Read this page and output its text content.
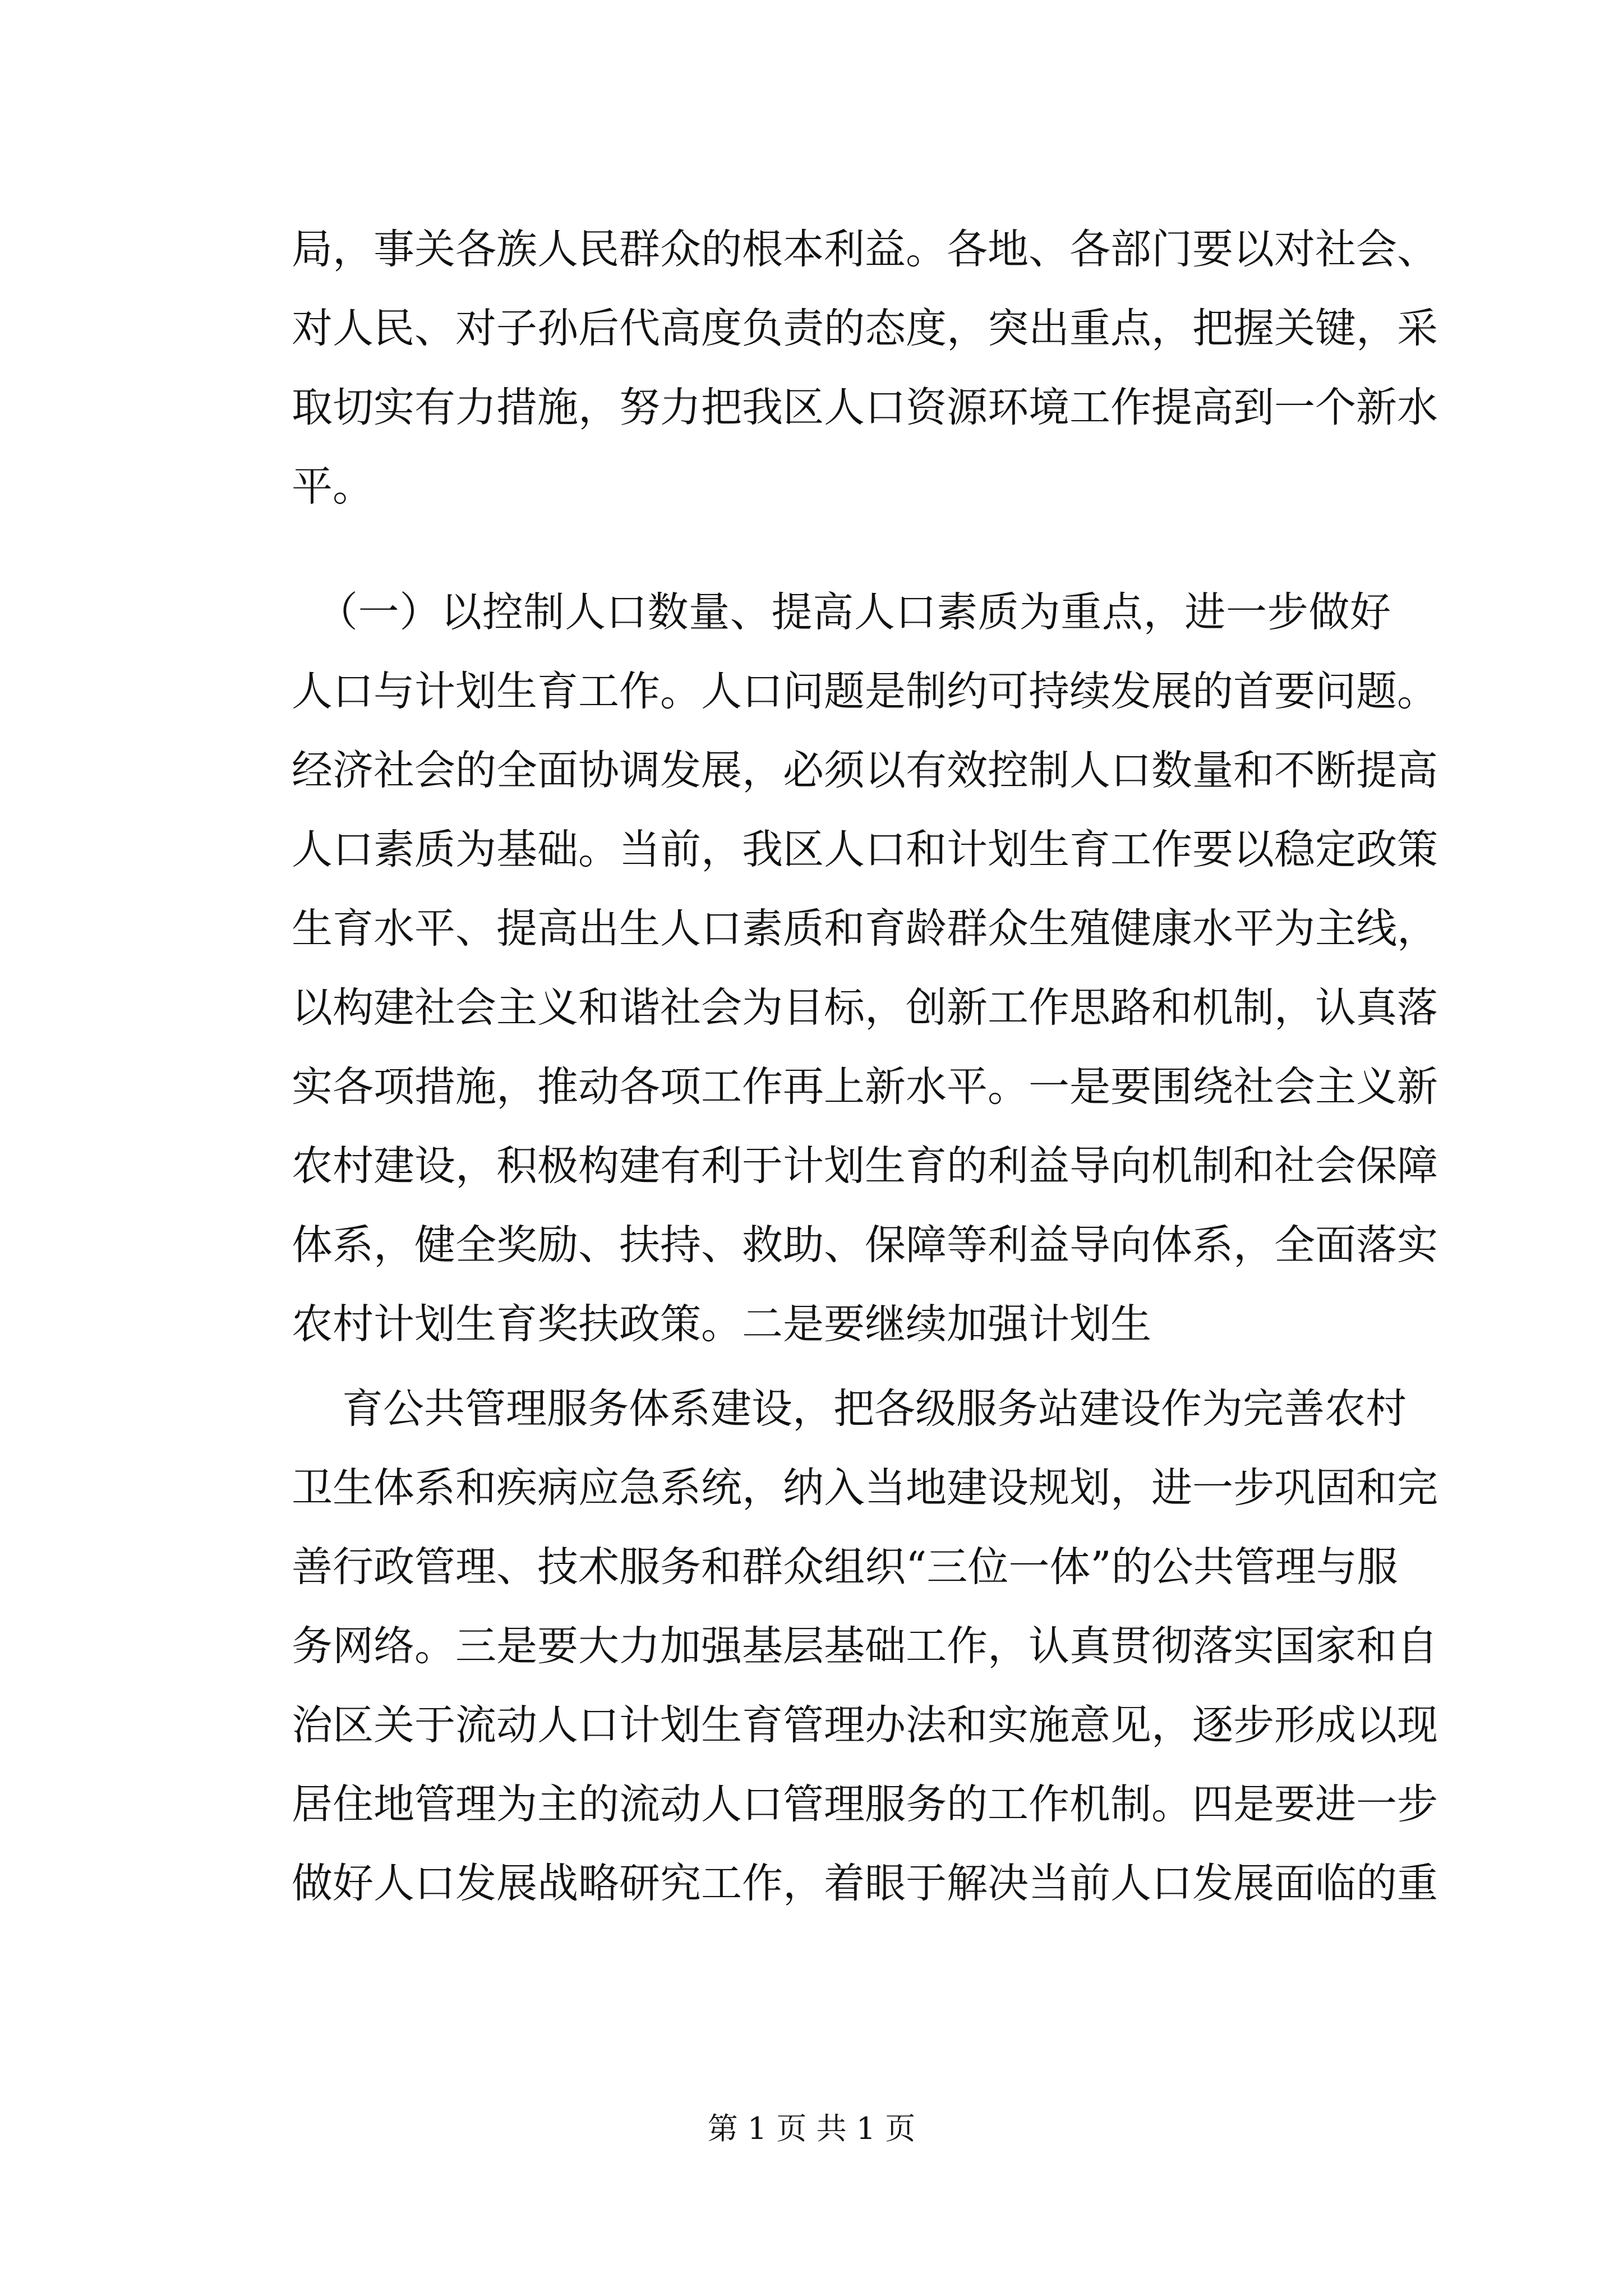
局，事关各族人民群众的根本利益。各地、各部门要以对社会、
对人民、对子孙后代高度负责的态度，突出重点，把握关键，采
取切实有力措施，努力把我区人口资源环境工作提高到一个新水
平。
（一）以控制人口数量、提高人口素质为重点，进一步做好
人口与计划生育工作。人口问题是制约可持续发展的首要问题。
经济社会的全面协调发展，必须以有效控制人口数量和不断提高
人口素质为基础。当前，我区人口和计划生育工作要以稳定政策
生育水平、提高出生人口素质和育龄群众生殖健康水平为主线，
以构建社会主义和谐社会为目标，创新工作思路和机制，认真落
实各项措施，推动各项工作再上新水平。一是要围绕社会主义新
农村建设，积极构建有利于计划生育的利益导向机制和社会保障
体系，健全奖励、扶持、救助、保障等利益导向体系，全面落实
农村计划生育奖扶政策。二是要继续加强计划生
育公共管理服务体系建设，把各级服务站建设作为完善农村
卫生体系和疾病应急系统，纳入当地建设规划，进一步巩固和完
善行政管理、技术服务和群众组织“三位一体”的公共管理与服
务网络。三是要大力加强基层基础工作，认真贯彻落实国家和自
治区关于流动人口计划生育管理办法和实施意见，逐步形成以现
居住地管理为主的流动人口管理服务的工作机制。四是要进一步
做好人口发展战略研究工作，着眼于解决当前人口发展面临的重
第 1 页 共 1 页
